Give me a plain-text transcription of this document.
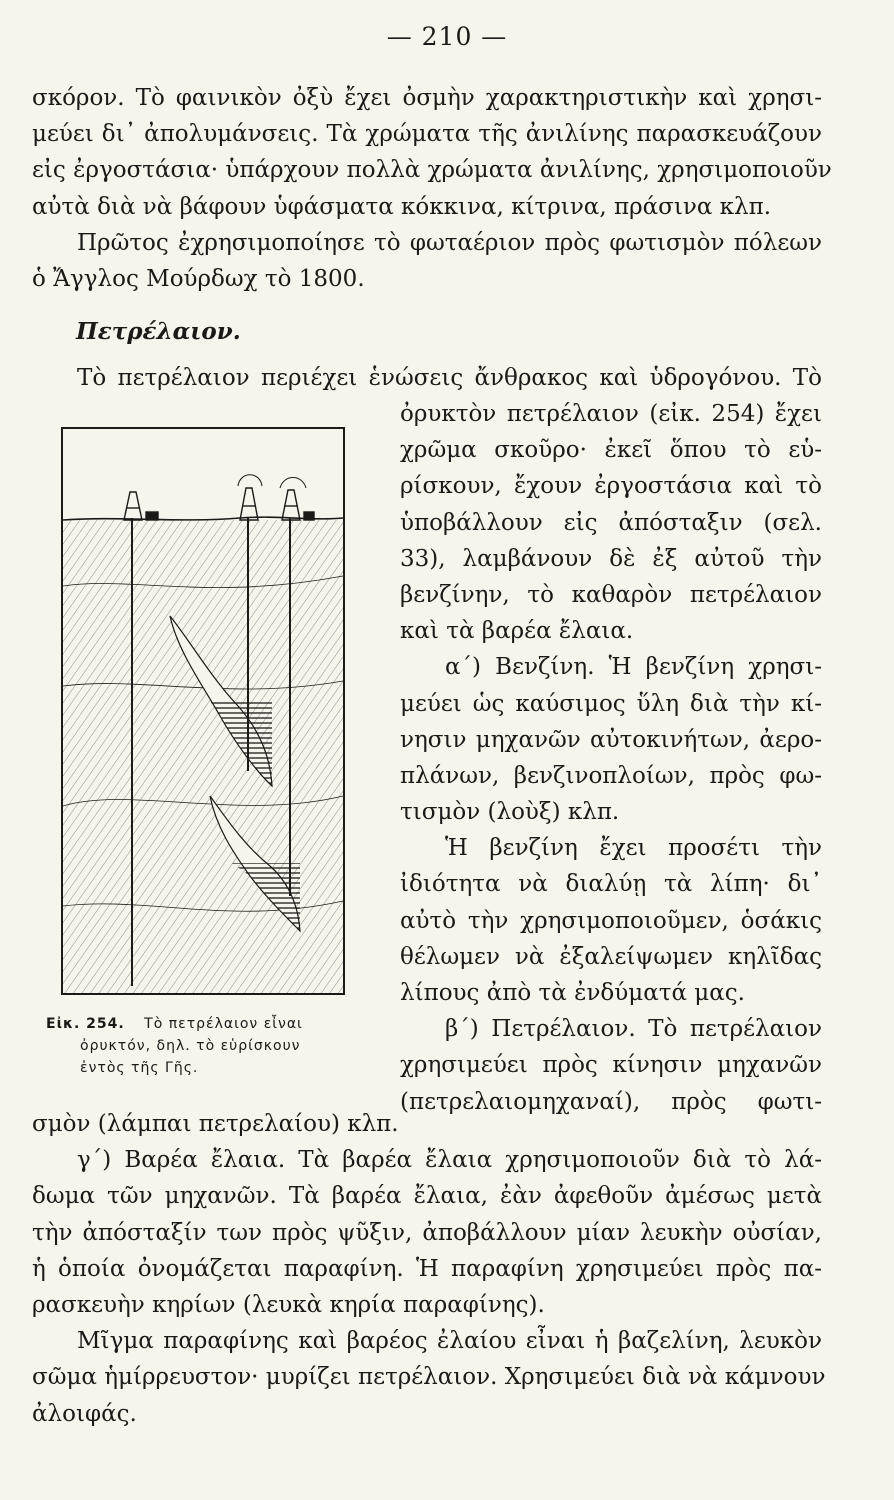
— 210 —
σκόρον. Τὸ φαινικὸν ὀξὺ ἔχει ὀσμὴν χαρακτηριστικὴν καὶ χρησι-
μεύει δι᾿ ἀπολυμάνσεις. Τὰ χρώματα τῆς ἀνιλίνης παρασκευάζουν
εἰς ἐργοστάσια· ὑπάρχουν πολλὰ χρώματα ἀνιλίνης, χρησιμοποιοῦν
αὐτὰ διὰ νὰ βάφουν ὑφάσματα κόκκινα, κίτρινα, πράσινα κλπ.
Πρῶτος ἐχρησιμοποίησε τὸ φωταέριον πρὸς φωτισμὸν πόλεων
ὁ Ἄγγλος Μούρδωχ τὸ 1800.
Πετρέλαιον.
Τὸ πετρέλαιον περιέχει ἑνώσεις ἄνθρακος καὶ ὑδρογόνου. Τὸ
ὀρυκτὸν πετρέλαιον (εἰκ. 254) ἔχει
χρῶμα σκοῦρο· ἐκεῖ ὅπου τὸ εὑ-
ρίσκουν, ἔχουν ἐργοστάσια καὶ τὸ
ὑποβάλλουν εἰς ἀπόσταξιν (σελ.
33), λαμβάνουν δὲ ἐξ αὐτοῦ τὴν
βενζίνην, τὸ καθαρὸν πετρέλαιον
καὶ τὰ βαρέα ἔλαια.
α΄) Βενζίνη. Ἡ βενζίνη χρησι-
μεύει ὡς καύσιμος ὕλη διὰ τὴν κί-
νησιν μηχανῶν αὐτοκινήτων, ἀερο-
πλάνων, βενζινοπλοίων, πρὸς φω-
τισμὸν (λοὺξ) κλπ.
Ἡ βενζίνη ἔχει προσέτι τὴν
ἰδιότητα νὰ διαλύῃ τὰ λίπη· δι᾿
αὐτὸ τὴν χρησιμοποιοῦμεν, ὁσάκις
θέλωμεν νὰ ἐξαλείψωμεν κηλῖδας
λίπους ἀπὸ τὰ ἐνδύματά μας.
β΄) Πετρέλαιον. Τὸ πετρέλαιον
χρησιμεύει πρὸς κίνησιν μηχανῶν
(πετρελαιομηχαναί), πρὸς φωτι-
Εἰκ. 254. Τὸ πετρέλαιον εἶναι
ὀρυκτόν, δηλ. τὸ εὑρίσκουν
ἐντὸς τῆς Γῆς.
σμὸν (λάμπαι πετρελαίου) κλπ.
γ΄) Βαρέα ἔλαια. Τὰ βαρέα ἔλαια χρησιμοποιοῦν διὰ τὸ λά-
δωμα τῶν μηχανῶν. Τὰ βαρέα ἔλαια, ἐὰν ἀφεθοῦν ἀμέσως μετὰ
τὴν ἀπόσταξίν των πρὸς ψῦξιν, ἀποβάλλουν μίαν λευκὴν οὐσίαν,
ἡ ὁποία ὀνομάζεται παραφίνη. Ἡ παραφίνη χρησιμεύει πρὸς πα-
ρασκευὴν κηρίων (λευκὰ κηρία παραφίνης).
Μῖγμα παραφίνης καὶ βαρέος ἐλαίου εἶναι ἡ βαζελίνη, λευκὸν
σῶμα ἡμίρρευστον· μυρίζει πετρέλαιον. Χρησιμεύει διὰ νὰ κάμνουν
ἀλοιφάς.
